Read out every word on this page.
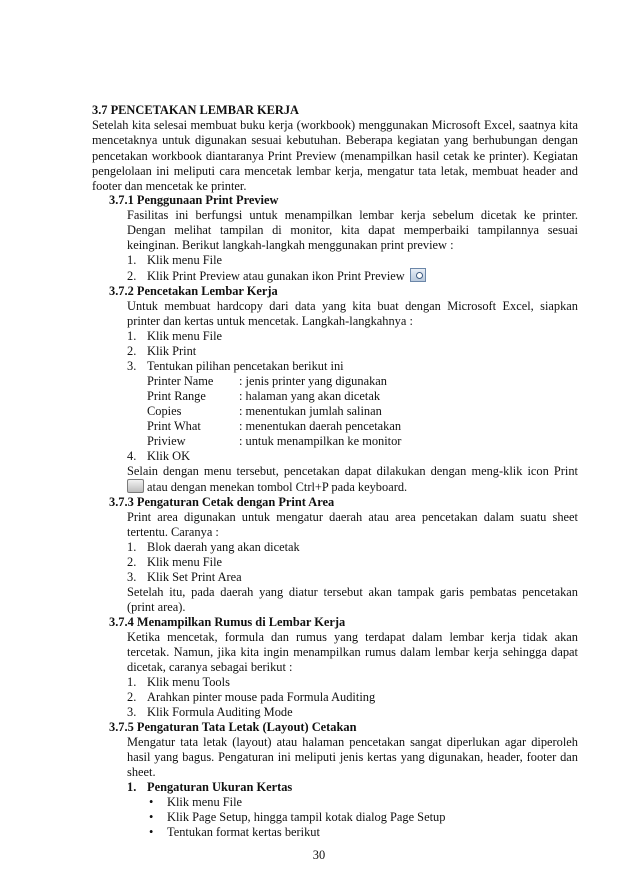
3.7 PENCETAKAN LEMBAR KERJA
Setelah kita selesai membuat buku kerja (workbook) menggunakan Microsoft Excel, saatnya kita
mencetaknya untuk digunakan sesuai kebutuhan. Beberapa kegiatan yang berhubungan dengan
pencetakan workbook diantaranya Print Preview (menampilkan hasil cetak ke printer). Kegiatan
pengelolaan ini meliputi cara mencetak lembar kerja, mengatur tata letak, membuat header and
footer dan mencetak ke printer.
3.7.1 Penggunaan Print Preview
Fasilitas ini berfungsi untuk menampilkan lembar kerja sebelum dicetak ke printer.
Dengan melihat tampilan di monitor, kita dapat memperbaiki tampilannya sesuai
keinginan. Berikut langkah-langkah menggunakan print preview :
1. Klik menu File
2. Klik Print Preview atau gunakan ikon Print Preview
3.7.2 Pencetakan Lembar Kerja
Untuk membuat hardcopy dari data yang kita buat dengan Microsoft Excel, siapkan
printer dan kertas untuk mencetak. Langkah-langkahnya :
1. Klik menu File
2. Klik Print
3. Tentukan pilihan pencetakan berikut ini
Printer Name : jenis printer yang digunakan
Print Range	: halaman yang akan dicetak
Copies	: menentukan jumlah salinan
Print What	: menentukan daerah pencetakan
Priview	: untuk menampilkan ke monitor
4. Klik OK
Selain dengan menu tersebut, pencetakan dapat dilakukan dengan meng-klik icon Print
atau dengan menekan tombol Ctrl+P pada keyboard.
3.7.3 Pengaturan Cetak dengan Print Area
Print area digunakan untuk mengatur daerah atau area pencetakan dalam suatu sheet
tertentu. Caranya :
1. Blok daerah yang akan dicetak
2. Klik menu File
3. Klik Set Print Area
Setelah itu, pada daerah yang diatur tersebut akan tampak garis pembatas pencetakan
(print area).
3.7.4 Menampilkan Rumus di Lembar Kerja
Ketika mencetak, formula dan rumus yang terdapat dalam lembar kerja tidak akan
tercetak. Namun, jika kita ingin menampilkan rumus dalam lembar kerja sehingga dapat
dicetak, caranya sebagai berikut :
1. Klik menu Tools
2. Arahkan pinter mouse pada Formula Auditing
3. Klik Formula Auditing Mode
3.7.5 Pengaturan Tata Letak (Layout) Cetakan
Mengatur tata letak (layout) atau halaman pencetakan sangat diperlukan agar diperoleh
hasil yang bagus. Pengaturan ini meliputi jenis kertas yang digunakan, header, footer dan
sheet.
1. Pengaturan Ukuran Kertas
• Klik menu File
• Klik Page Setup, hingga tampil kotak dialog Page Setup
• Tentukan format kertas berikut
30
